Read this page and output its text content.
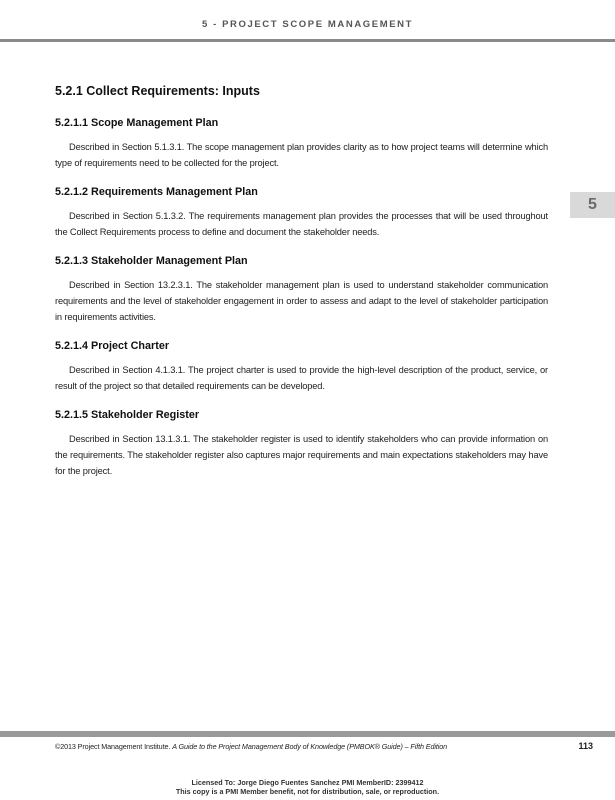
5 - PROJECT SCOPE MANAGEMENT
5
5.2.1 Collect Requirements: Inputs
5.2.1.1 Scope Management Plan

Described in Section 5.1.3.1. The scope management plan provides clarity as to how project teams will determine which type of requirements need to be collected for the project.

5.2.1.2 Requirements Management Plan

Described in Section 5.1.3.2. The requirements management plan provides the processes that will be used throughout the Collect Requirements process to define and document the stakeholder needs.

5.2.1.3 Stakeholder Management Plan

Described in Section 13.2.3.1. The stakeholder management plan is used to understand stakeholder communication requirements and the level of stakeholder engagement in order to assess and adapt to the level of stakeholder participation in requirements activities.

5.2.1.4 Project Charter

Described in Section 4.1.3.1. The project charter is used to provide the high-level description of the product, service, or result of the project so that detailed requirements can be developed.

5.2.1.5 Stakeholder Register

Described in Section 13.1.3.1. The stakeholder register is used to identify stakeholders who can provide information on the requirements. The stakeholder register also captures major requirements and main expectations stakeholders may have for the project.

©2013 Project Management Institute. A Guide to the Project Management Body of Knowledge (PMBOK® Guide) – Fifth Edition	113
Licensed To: Jorge Diego Fuentes Sanchez PMI MemberID: 2399412
This copy is a PMI Member benefit, not for distribution, sale, or reproduction.
